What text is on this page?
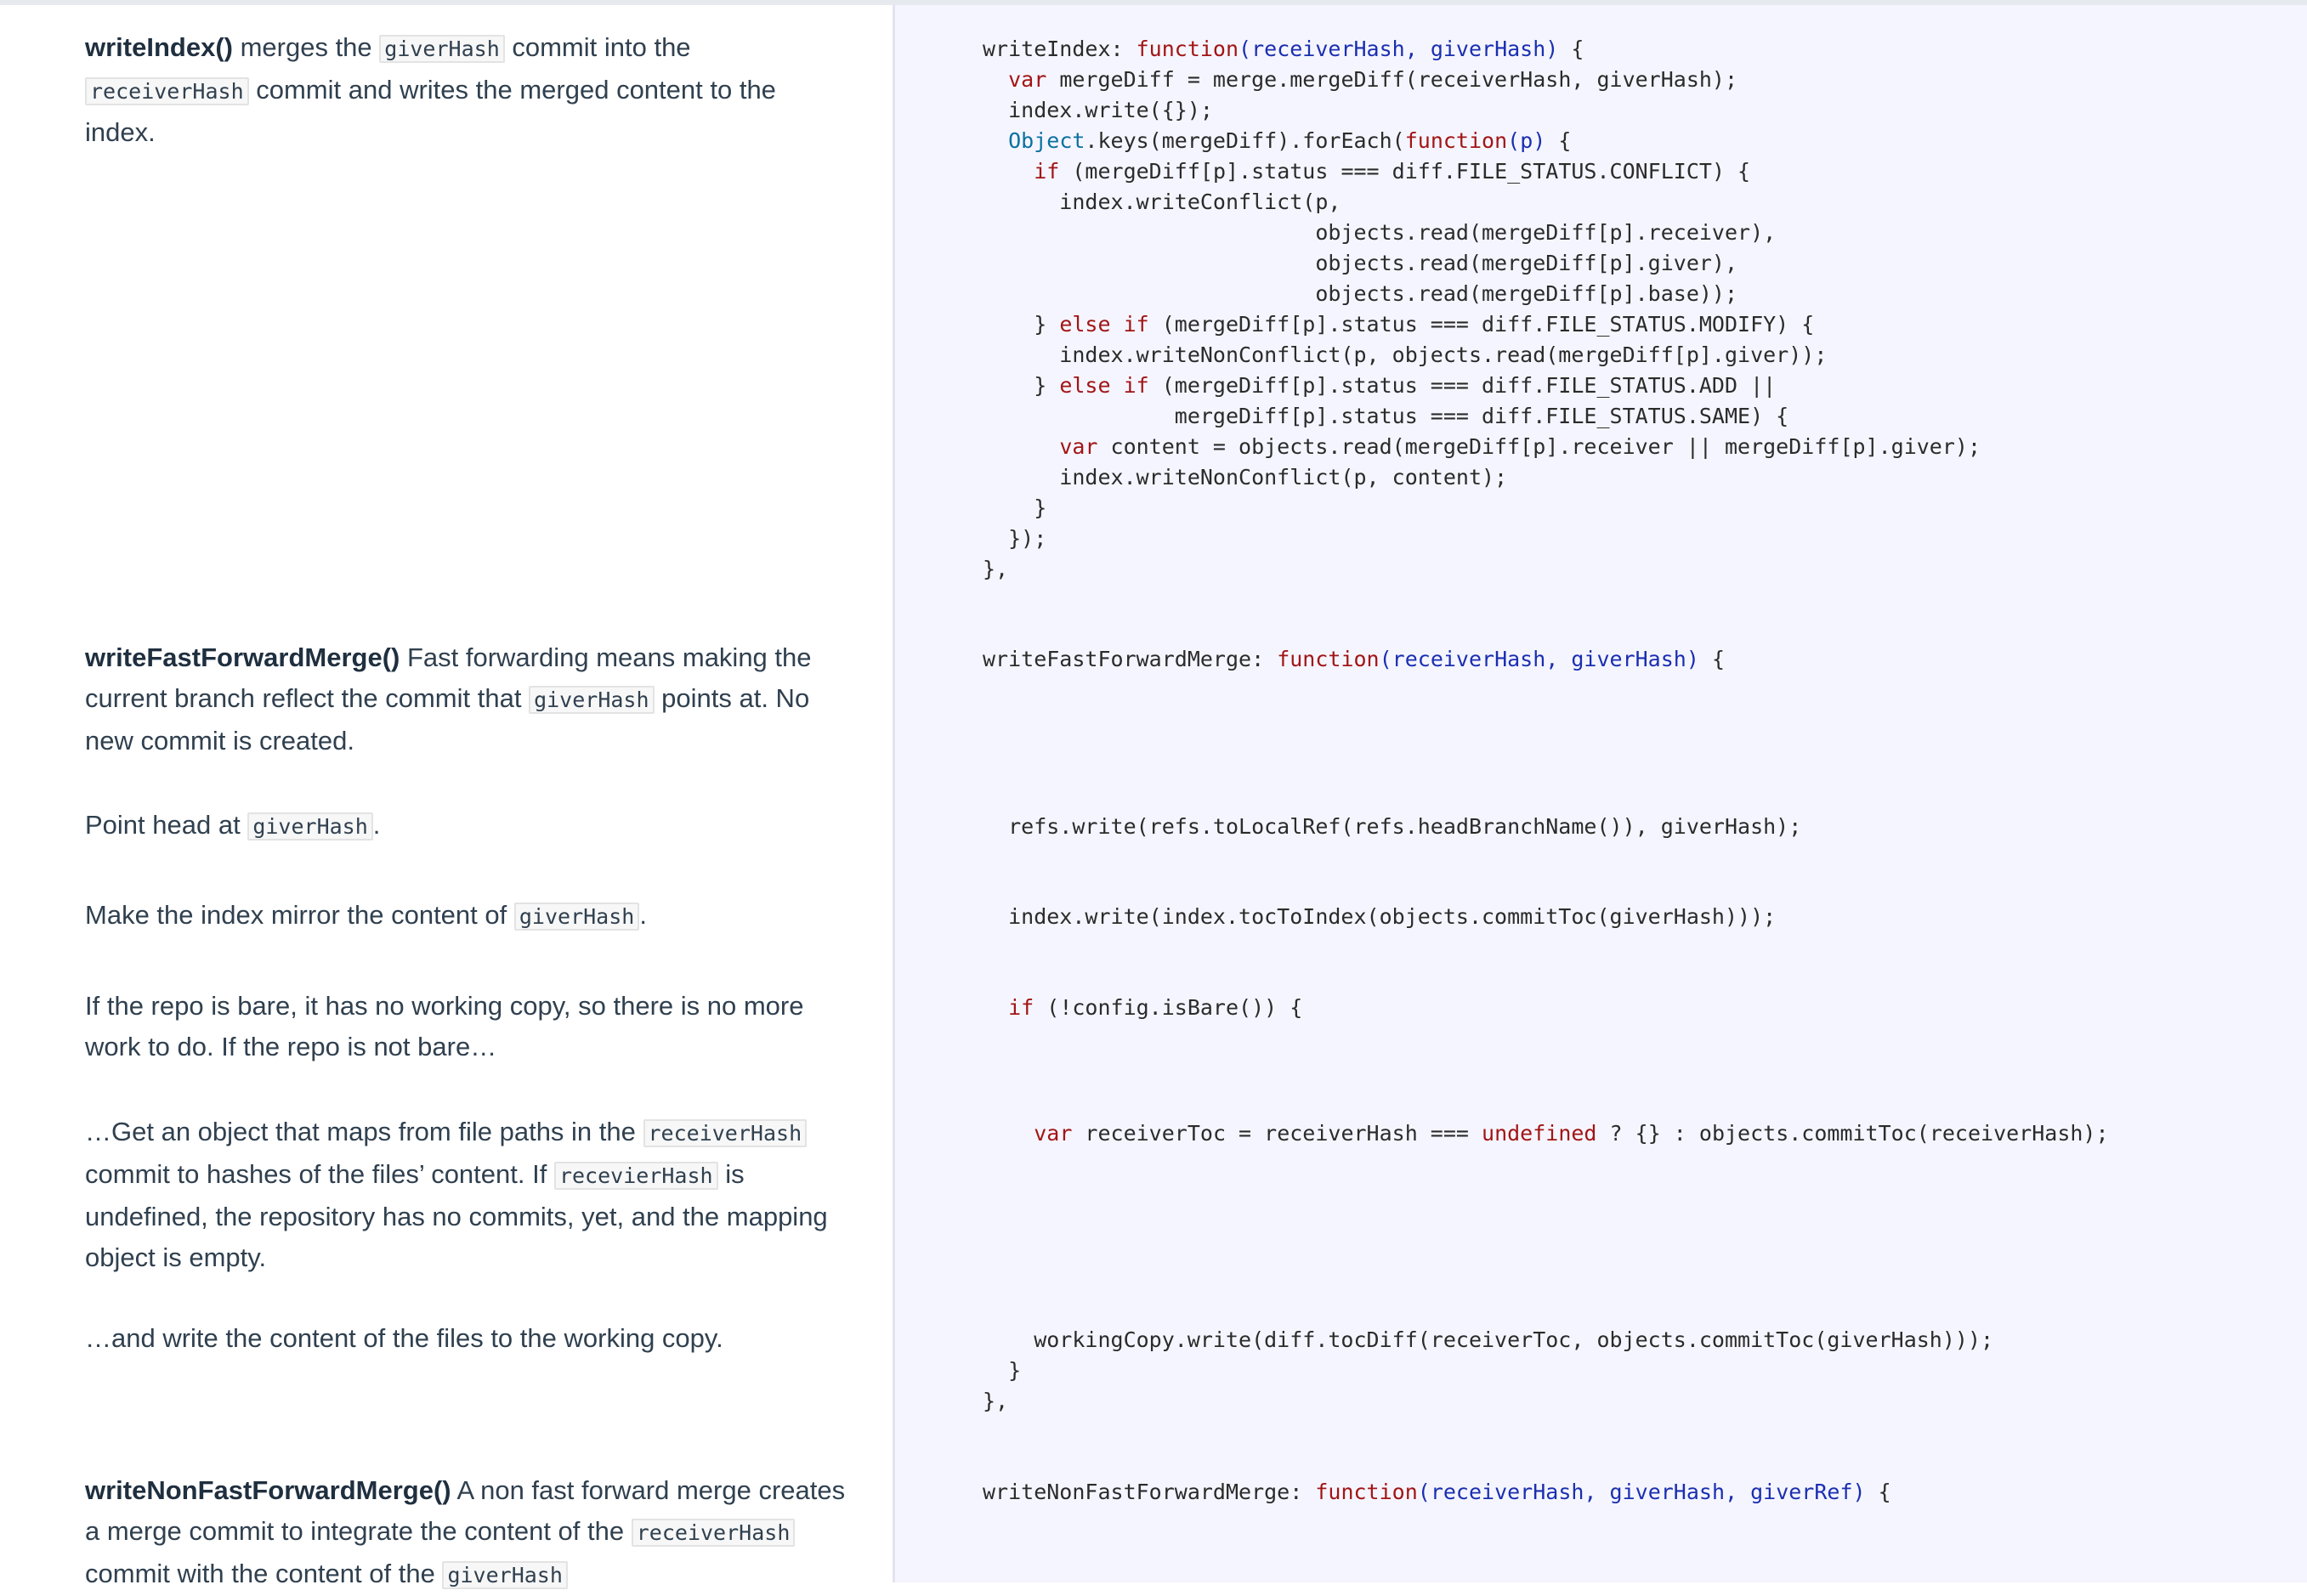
writeIndex() merges the giverHash commit into the receiverHash commit and writes the merged content to the index.
writeIndex: function(receiverHash, giverHash) {
var mergeDiff = merge.mergeDiff(receiverHash, giverHash);
index.write({});
Object.keys(mergeDiff).forEach(function(p) {
if (mergeDiff[p].status === diff.FILE_STATUS.CONFLICT) {
index.writeConflict(p,
objects.read(mergeDiff[p].receiver),
objects.read(mergeDiff[p].giver),
objects.read(mergeDiff[p].base));
} else if (mergeDiff[p].status === diff.FILE_STATUS.MODIFY) {
index.writeNonConflict(p, objects.read(mergeDiff[p].giver));
} else if (mergeDiff[p].status === diff.FILE_STATUS.ADD ||
mergeDiff[p].status === diff.FILE_STATUS.SAME) {
var content = objects.read(mergeDiff[p].receiver || mergeDiff[p].giver);
index.writeNonConflict(p, content);
}
});
},
writeFastForwardMerge() Fast forwarding means making the current branch reflect the commit that giverHash points at. No new commit is created.
writeFastForwardMerge: function(receiverHash, giverHash) {
Point head at giverHash .	refs.write(refs.toLocalRef(refs.headBranchName()), giverHash);
Make the index mirror the content of giverHash .	index.write(index.tocToIndex(objects.commitToc(giverHash)));
If the repo is bare, it has no working copy, so there is no more work to do. If the repo is not bare…
if (!config.isBare()) {
…Get an object that maps from file paths in the receiverHash commit to hashes of the files’ content. If recevierHash is undefined, the repository has no commits, yet, and the mapping object is empty.
var receiverToc = receiverHash === undefined ? {} : objects.commitToc(receiverHash);
…and write the content of the files to the working copy.	workingCopy.write(diff.tocDiff(receiverToc, objects.commitToc(giverHash)));
}
},
writeNonFastForwardMerge() A non fast forward merge creates a merge commit to integrate the content of the receiverHash commit with the content of the giverHash
writeNonFastForwardMerge: function(receiverHash, giverHash, giverRef) {
